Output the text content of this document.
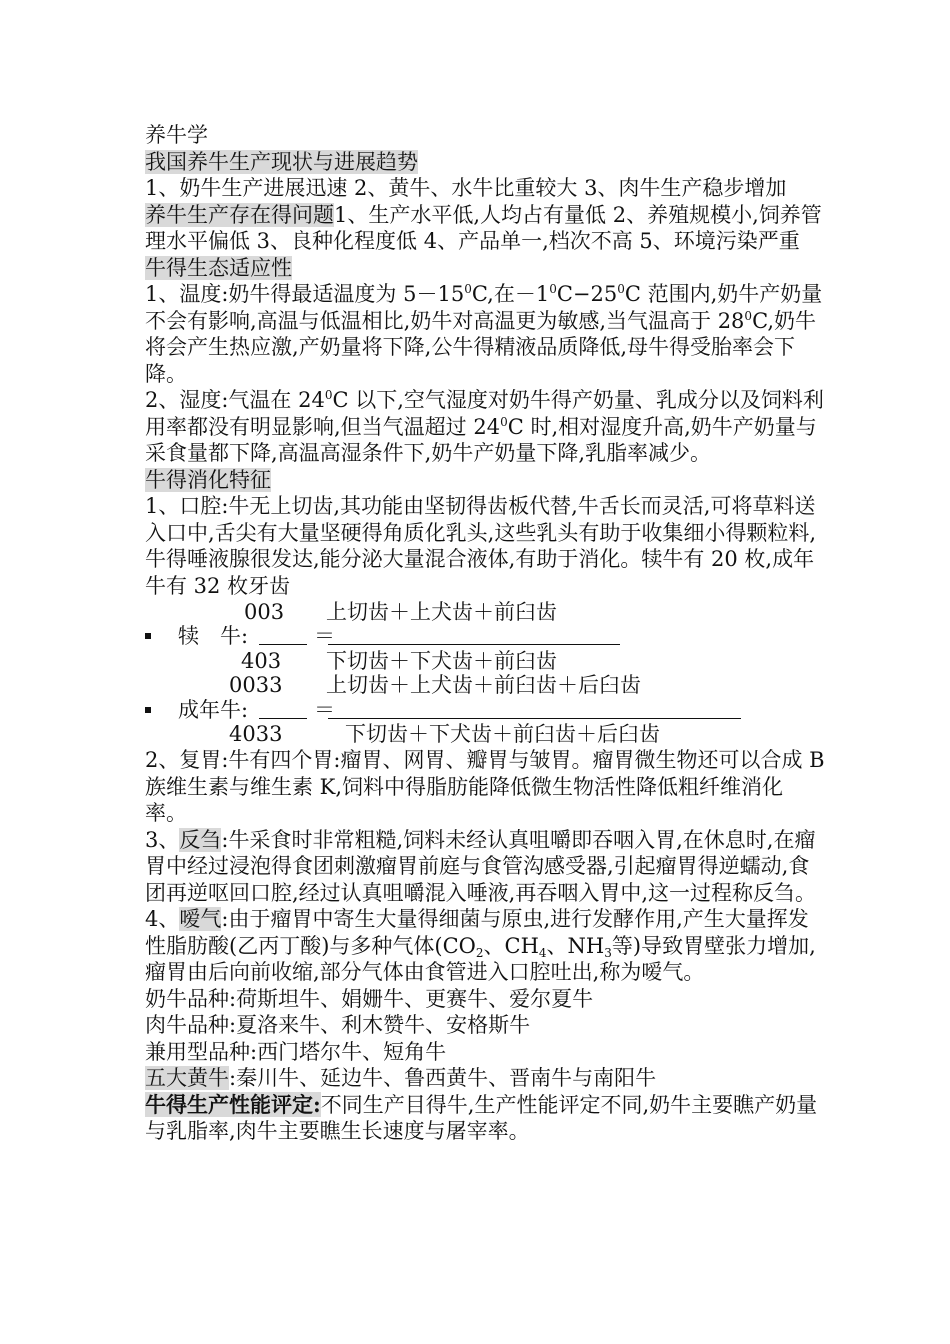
养牛学

我国养牛生产现状与进展趋势

1、奶牛生产进展迅速 2、黄牛、水牛比重较大 3、肉牛生产稳步增加

养牛生产存在得问题1、生产水平低,人均占有量低 2、养殖规模小,饲养管理水平偏低 3、良种化程度低 4、产品单一,档次不高 5、环境污染严重

牛得生态适应性

1、温度:奶牛得最适温度为 $5-15^0C$,在$-1^0C-25^0C$ 范围内,奶牛产奶量不会有影响,高温与低温相比,奶牛对高温更为敏感,当气温高于 $28^0C$,奶牛将会产生热应激,产奶量将下降,公牛得精液品质降低,母牛得受胎率会下降。

2、湿度:气温在 $24^0C$ 以下,空气湿度对奶牛得产奶量、乳成分以及饲料利用率都没有明显影响,但当气温超过 $24^0C$ 时,相对湿度升高,奶牛产奶量与采食量都下降,高温高湿条件下,奶牛产奶量下降,乳脂率减少。

牛得消化特征

1、口腔:牛无上切齿,其功能由坚韧得齿板代替,牛舌长而灵活,可将草料送入口中,舌尖有大量坚硬得角质化乳头,这些乳头有助于收集细小得颗粒料,牛得唾液腺很发达,能分泌大量混合液体,有助于消化。犊牛有 20 枚,成年牛有 32 枚牙齿

003 上切齿＋上犬齿＋前臼齿
犊　牛:	＝
403 下切齿＋下犬齿＋前臼齿
0033 上切齿＋上犬齿＋前臼齿＋后臼齿
成年牛:	＝
4033	下切齿＋下犬齿＋前臼齿＋后臼齿

2、复胃:牛有四个胃:瘤胃、网胃、瓣胃与皱胃。瘤胃微生物还可以合成 B 族维生素与维生素 K,饲料中得脂肪能降低微生物活性降低粗纤维消化率。

3、反刍:牛采食时非常粗糙,饲料未经认真咀嚼即吞咽入胃,在休息时,在瘤胃中经过浸泡得食团刺激瘤胃前庭与食管沟感受器,引起瘤胃得逆蠕动,食团再逆呕回口腔,经过认真咀嚼混入唾液,再吞咽入胃中,这一过程称反刍。

4、嗳气:由于瘤胃中寄生大量得细菌与原虫,进行发酵作用,产生大量挥发性脂肪酸(乙丙丁酸)与多种气体($CO_2$、$CH_4$、$NH_3$等)导致胃壁张力增加,瘤胃由后向前收缩,部分气体由食管进入口腔吐出,称为嗳气。

奶牛品种:荷斯坦牛、娟姗牛、更赛牛、爱尔夏牛

肉牛品种:夏洛来牛、利木赞牛、安格斯牛

兼用型品种:西门塔尔牛、短角牛

五大黄牛:秦川牛、延边牛、鲁西黄牛、晋南牛与南阳牛

牛得生产性能评定:不同生产目得牛,生产性能评定不同,奶牛主要瞧产奶量与乳脂率,肉牛主要瞧生长速度与屠宰率。
